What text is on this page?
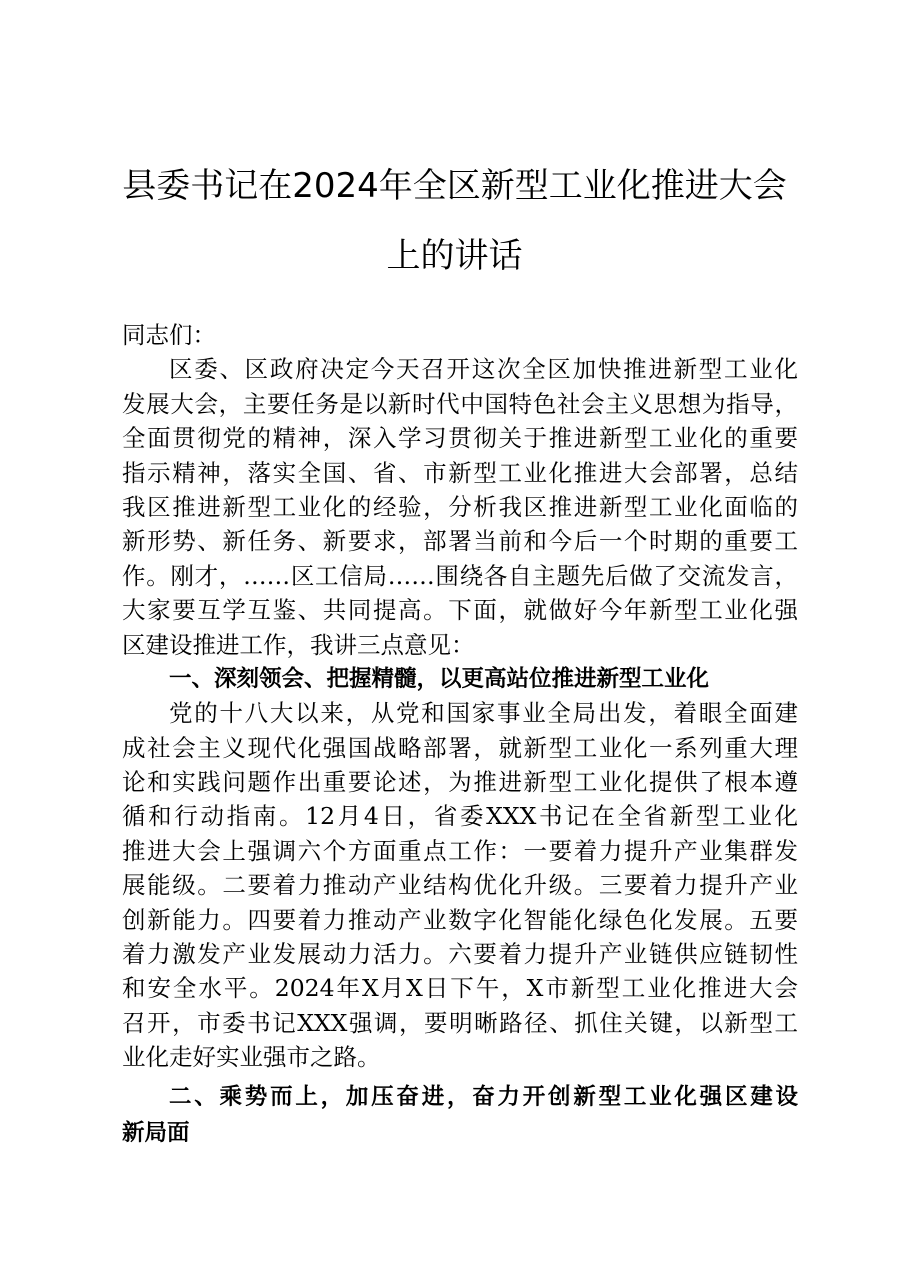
县委书记在2024年全区新型工业化推进大会
上的讲话
同志们：
区委、区政府决定今天召开这次全区加快推进新型工业化
发展大会，主要任务是以新时代中国特色社会主义思想为指导，
全面贯彻党的精神，深入学习贯彻关于推进新型工业化的重要
指示精神，落实全国、省、市新型工业化推进大会部署，总结
我区推进新型工业化的经验，分析我区推进新型工业化面临的
新形势、新任务、新要求，部署当前和今后一个时期的重要工
作。刚才，……区工信局……围绕各自主题先后做了交流发言，
大家要互学互鉴、共同提高。下面，就做好今年新型工业化强
区建设推进工作，我讲三点意见：
一、深刻领会、把握精髓，以更高站位推进新型工业化
党的十八大以来，从党和国家事业全局出发，着眼全面建
成社会主义现代化强国战略部署，就新型工业化一系列重大理
论和实践问题作出重要论述，为推进新型工业化提供了根本遵
循和行动指南。12月4日，省委XXX书记在全省新型工业化
推进大会上强调六个方面重点工作：一要着力提升产业集群发
展能级。二要着力推动产业结构优化升级。三要着力提升产业
创新能力。四要着力推动产业数字化智能化绿色化发展。五要
着力激发产业发展动力活力。六要着力提升产业链供应链韧性
和安全水平。2024年X月X日下午，X市新型工业化推进大会
召开，市委书记XXX强调，要明晰路径、抓住关键，以新型工
业化走好实业强市之路。
二、乘势而上，加压奋进，奋力开创新型工业化强区建设
新局面
